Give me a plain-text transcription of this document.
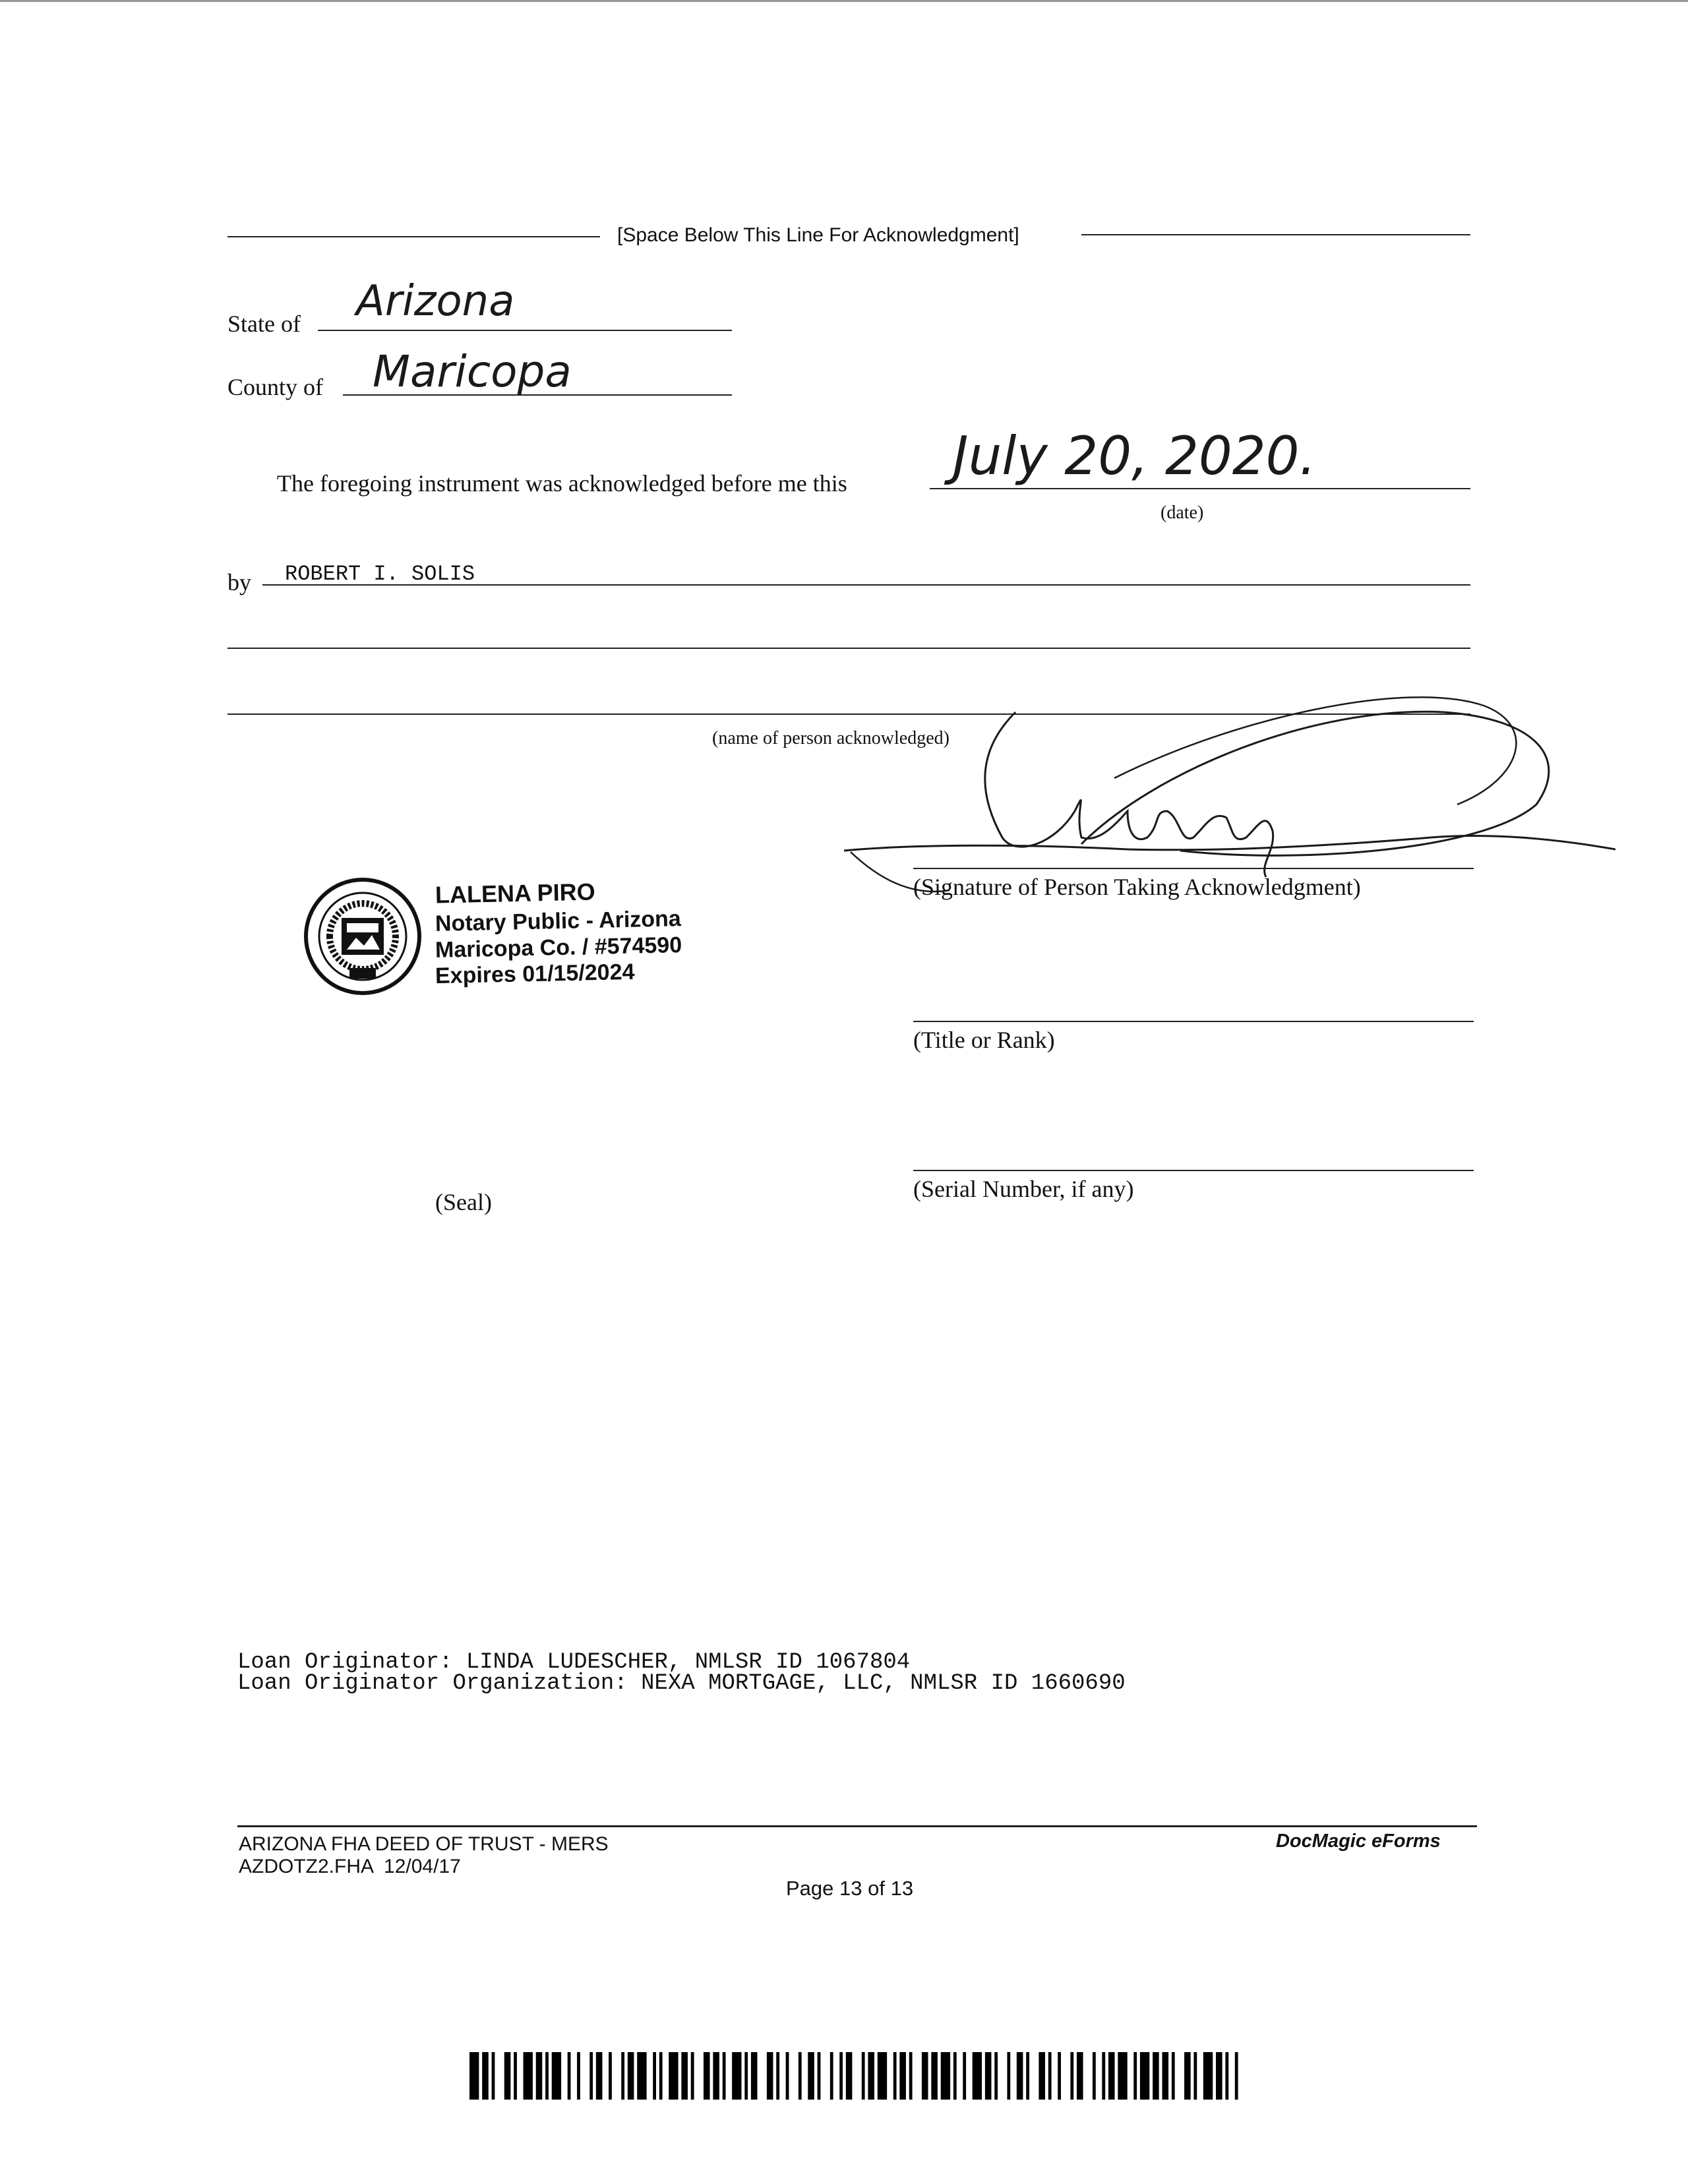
[Space Below This Line For Acknowledgment]
State of Arizona
County of Maricopa
The foregoing instrument was acknowledged before me this July 20, 2020.
(date)
by ROBERT I. SOLIS
(name of person acknowledged)
(Signature of Person Taking Acknowledgment)
(Title or Rank)
(Serial Number, if any)
LALENA PIRO
Notary Public - Arizona
Maricopa Co. / #574590
Expires 01/15/2024
(Seal)
Loan Originator: LINDA LUDESCHER, NMLSR ID 1067804
Loan Originator Organization: NEXA MORTGAGE, LLC, NMLSR ID 1660690
ARIZONA FHA DEED OF TRUST - MERS
AZDOTZ2.FHA  12/04/17
DocMagic eForms
Page 13 of 13
